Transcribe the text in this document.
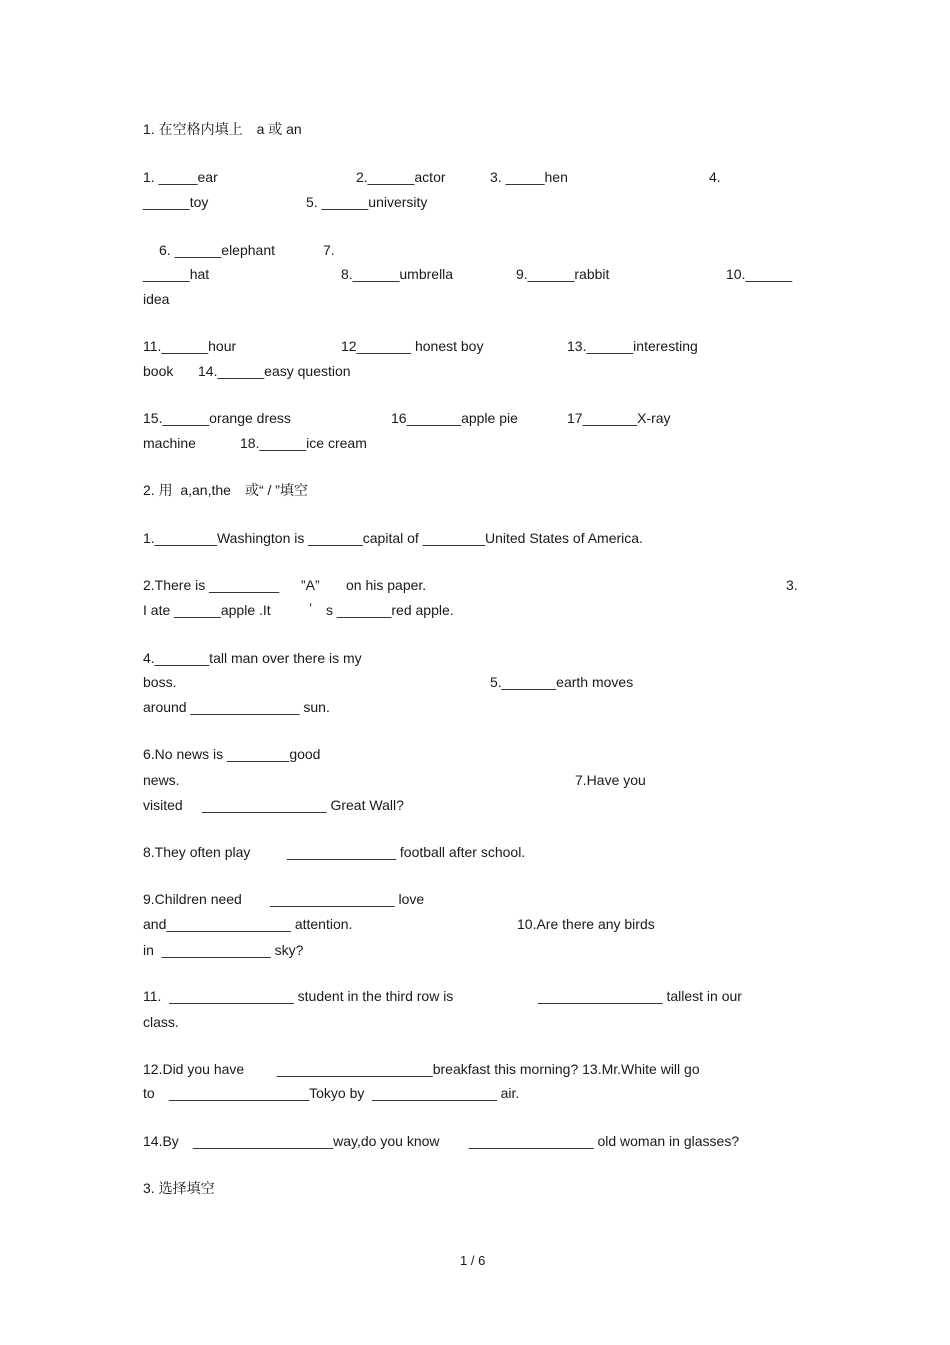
1. 在空格内填上　a 或 an
1. _____ear	2.______actor	3. _____hen	4.
______toy	5. ______university
6. ______elephant	7.
______hat	8.______umbrella	9.______rabbit	10.______
idea
11.______hour	12_______ honest boy	13.______interesting
book 14.______easy question
15.______orange dress	16_______apple pie	17_______X-ray
machine	18.______ice cream
2. 用  a,an,the　或“ / ”填空
1.________Washington is _______capital of ________United States of America.
2.There is _________ ”A” on his paper.	3.
I ate ______apple .It	’ s _______red apple.
4._______tall man over there is my
boss.	5._______earth moves
around ______________ sun.
6.No news is ________good
news.	7.Have you
visited ________________ Great Wall?
8.They often play	______________ football after school.
9.Children need ________________ love
and________________ attention.	10.Are there any birds
in  ______________ sky?
11.  ________________ student in the third row is	________________ tallest in our
class.
12.Did you have ____________________breakfast this morning? 13.Mr.White will go
to __________________Tokyo by  ________________ air.
14.By __________________way,do you know ________________ old woman in glasses?
3. 选择填空
1 / 6
